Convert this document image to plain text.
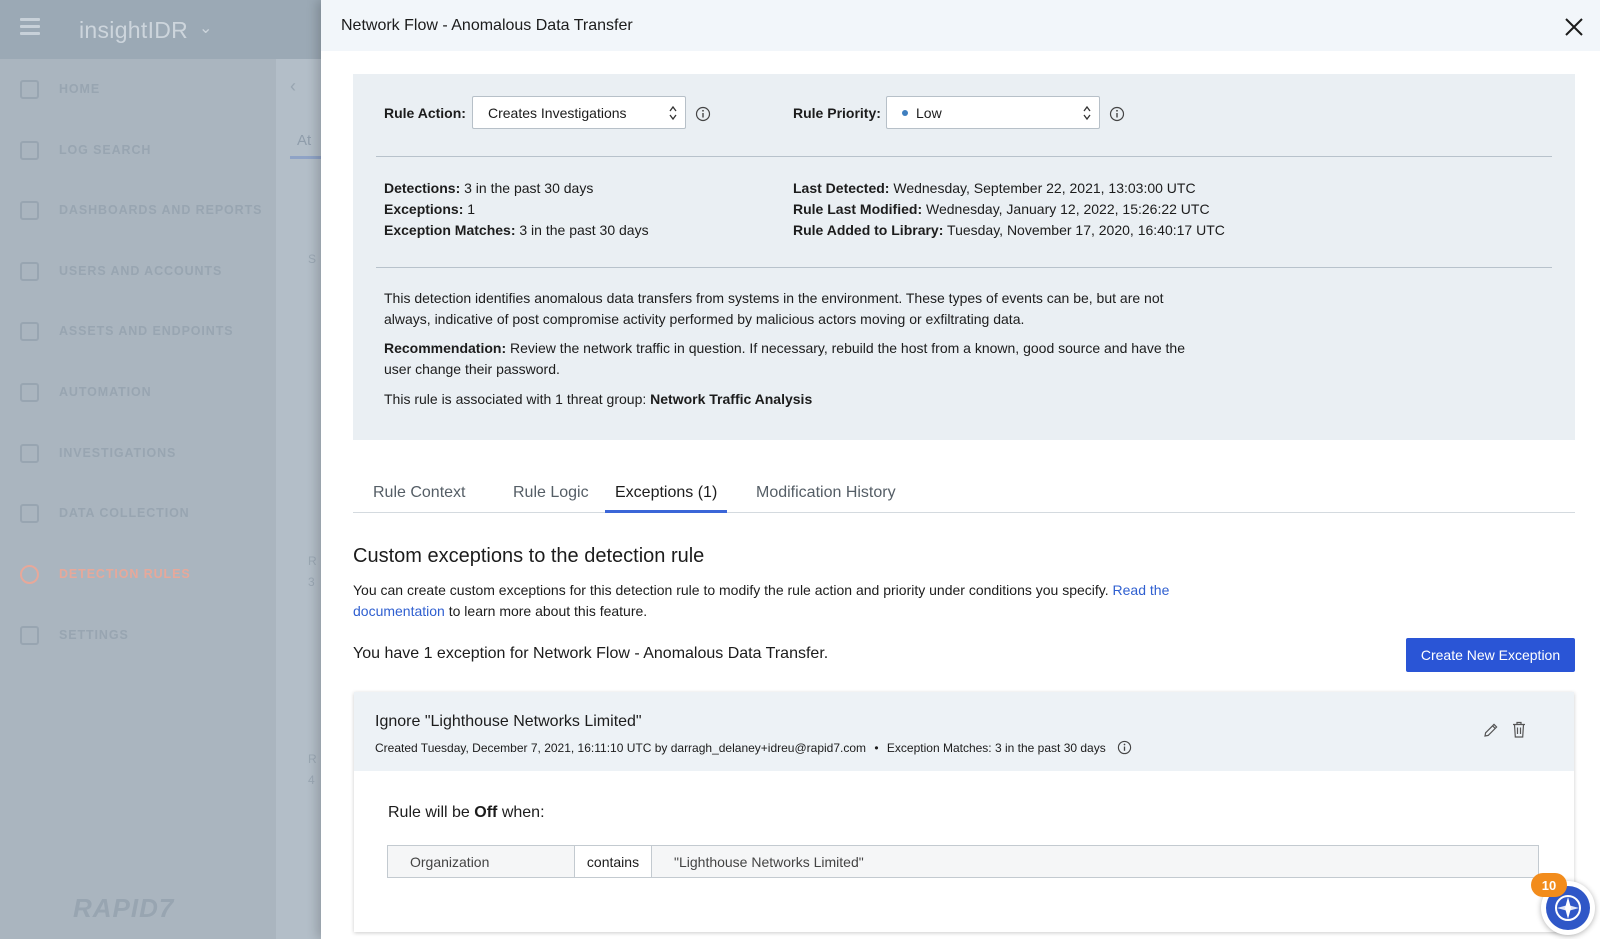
insightIDR ⌄
HOME
LOG SEARCH
DASHBOARDS AND REPORTS
USERS AND ACCOUNTS
ASSETS AND ENDPOINTS
AUTOMATION
INVESTIGATIONS
DATA COLLECTION
DETECTION RULES
SETTINGS
RAPID7
‹
At
S
R
3
R
4
Network Flow - Anomalous Data Transfer
Rule Action: Creates Investigations	Rule Priority:	Low
Detections: 3 in the past 30 days
Exceptions: 1
Exception Matches: 3 in the past 30 days
Last Detected: Wednesday, September 22, 2021, 13:03:00 UTC
Rule Last Modified: Wednesday, January 12, 2022, 15:26:22 UTC
Rule Added to Library: Tuesday, November 17, 2020, 16:40:17 UTC
This detection identifies anomalous data transfers from systems in the environment. These types of events can be, but are not always, indicative of post compromise activity performed by malicious actors moving or exfiltrating data.
Recommendation: Review the network traffic in question. If necessary, rebuild the host from a known, good source and have the user change their password.
This rule is associated with 1 threat group: Network Traffic Analysis
Rule Context	Rule Logic Exceptions (1) Modification History
Custom exceptions to the detection rule
You can create custom exceptions for this detection rule to modify the rule action and priority under conditions you specify. Read the documentation to learn more about this feature.
You have 1 exception for Network Flow - Anomalous Data Transfer.	Create New Exception
Ignore "Lighthouse Networks Limited"
Created Tuesday, December 7, 2021, 16:11:10 UTC by darragh_delaney+idreu@rapid7.com • Exception Matches: 3 in the past 30 days
Rule will be Off when:
Organization	contains	"Lighthouse Networks Limited"
10
